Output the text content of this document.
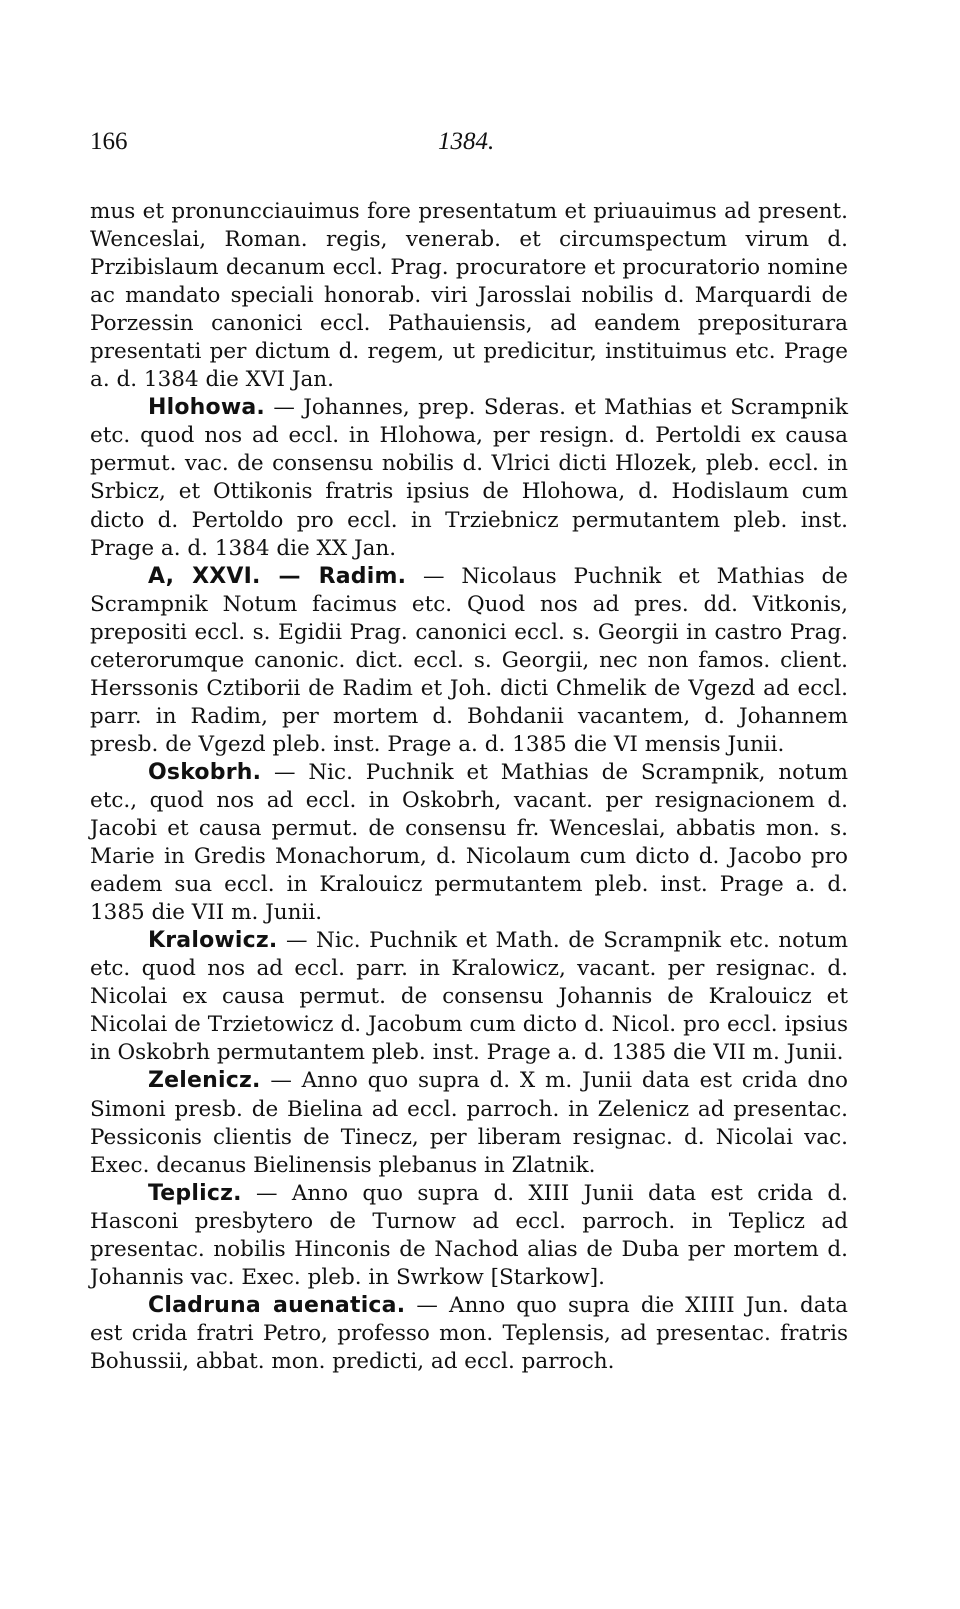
166	1384.

mus et pronuncciauimus fore presentatum et priuauimus ad present. Wenceslai, Roman. regis, venerab. et circumspectum virum d. Przibislaum decanum eccl. Prag. procuratore et procuratorio nomine ac mandato speciali honorab. viri Jarosslai nobilis d. Marquardi de Porzessin canonici eccl. Pathauiensis, ad eandem prepositurara presentati per dictum d. regem, ut predicitur, instituimus etc. Prage a. d. 1384 die XVI Jan.

Hlohowa. — Johannes, prep. Sderas. et Mathias et Scrampnik etc. quod nos ad eccl. in Hlohowa, per resign. d. Pertoldi ex causa permut. vac. de consensu nobilis d. Vlrici dicti Hlozek, pleb. eccl. in Srbicz, et Ottikonis fratris ipsius de Hlohowa, d. Hodislaum cum dicto d. Pertoldo pro eccl. in Trziebnicz permutantem pleb. inst. Prage a. d. 1384 die XX Jan.

A, XXVI. — Radim. — Nicolaus Puchnik et Mathias de Scrampnik Notum facimus etc. Quod nos ad pres. dd. Vitkonis, prepositi eccl. s. Egidii Prag. canonici eccl. s. Georgii in castro Prag. ceterorumque canonic. dict. eccl. s. Georgii, nec non famos. client. Herssonis Cztiborii de Radim et Joh. dicti Chmelik de Vgezd ad eccl. parr. in Radim, per mortem d. Bohdanii vacantem, d. Johannem presb. de Vgezd pleb. inst. Prage a. d. 1385 die VI mensis Junii.

Oskobrh. — Nic. Puchnik et Mathias de Scrampnik, notum etc., quod nos ad eccl. in Oskobrh, vacant. per resignacionem d. Jacobi et causa permut. de consensu fr. Wenceslai, abbatis mon. s. Marie in Gredis Monachorum, d. Nicolaum cum dicto d. Jacobo pro eadem sua eccl. in Kralouicz permutantem pleb. inst. Prage a. d. 1385 die VII m. Junii.

Kralowicz. — Nic. Puchnik et Math. de Scrampnik etc. notum etc. quod nos ad eccl. parr. in Kralowicz, vacant. per resignac. d. Nicolai ex causa permut. de consensu Johannis de Kralouicz et Nicolai de Trzietowicz d. Jacobum cum dicto d. Nicol. pro eccl. ipsius in Oskobrh permutantem pleb. inst. Prage a. d. 1385 die VII m. Junii.

Zelenicz. — Anno quo supra d. X m. Junii data est crida dno Simoni presb. de Bielina ad eccl. parroch. in Zelenicz ad presentac. Pessiconis clientis de Tinecz, per liberam resignac. d. Nicolai vac. Exec. decanus Bielinensis plebanus in Zlatnik.

Teplicz. — Anno quo supra d. XIII Junii data est crida d. Hasconi presbytero de Turnow ad eccl. parroch. in Teplicz ad presentac. nobilis Hinconis de Nachod alias de Duba per mortem d. Johannis vac. Exec. pleb. in Swrkow [Starkow].

Cladruna auenatica. — Anno quo supra die XIIII Jun. data est crida fratri Petro, professo mon. Teplensis, ad presentac. fratris Bohussii, abbat. mon. predicti, ad eccl. parroch.
